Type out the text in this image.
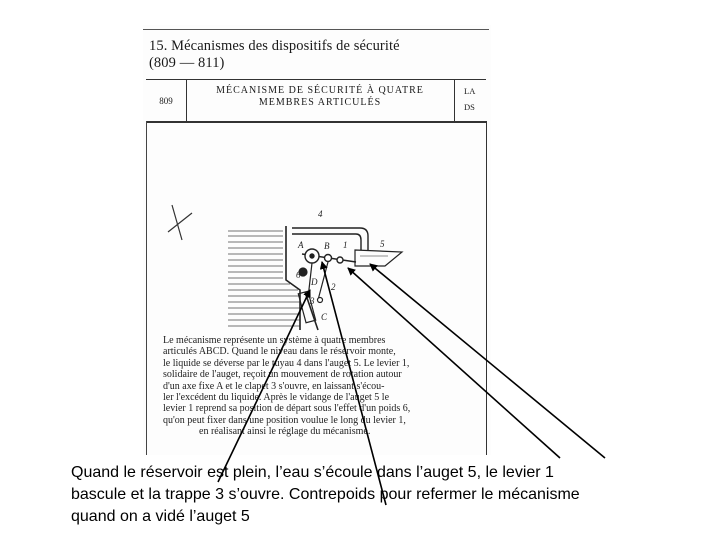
15. Mécanismes des dispositifs de sécurité
(809 — 811)
809
MÉCANISME DE SÉCURITÉ À QUATRE
MEMBRES ARTICULÉS
LA
DS
4
5
1
B
A
6
2
D
3
C
Le mécanisme représente un système à quatre membres
articulés ABCD. Quand le niveau dans le réservoir monte,
le liquide se déverse par le tuyau 4 dans l'auget 5. Le levier 1,
solidaire de l'auget, reçoit un mouvement de rotation autour
d'un axe fixe A et le clapet 3 s'ouvre, en laissant s'écou-
ler l'excédent du liquide. Après le vidange de l'auget 5 le
levier 1 reprend sa position de départ sous l'effet d'un poids 6,
qu'on peut fixer dans une position voulue le long du levier 1,
en réalisant ainsi le réglage du mécanisme.
Quand le réservoir est plein, l’eau s’écoule dans l’auget 5, le levier 1
bascule et la trappe 3 s’ouvre. Contrepoids pour refermer le mécanisme
quand on a vidé l’auget 5
